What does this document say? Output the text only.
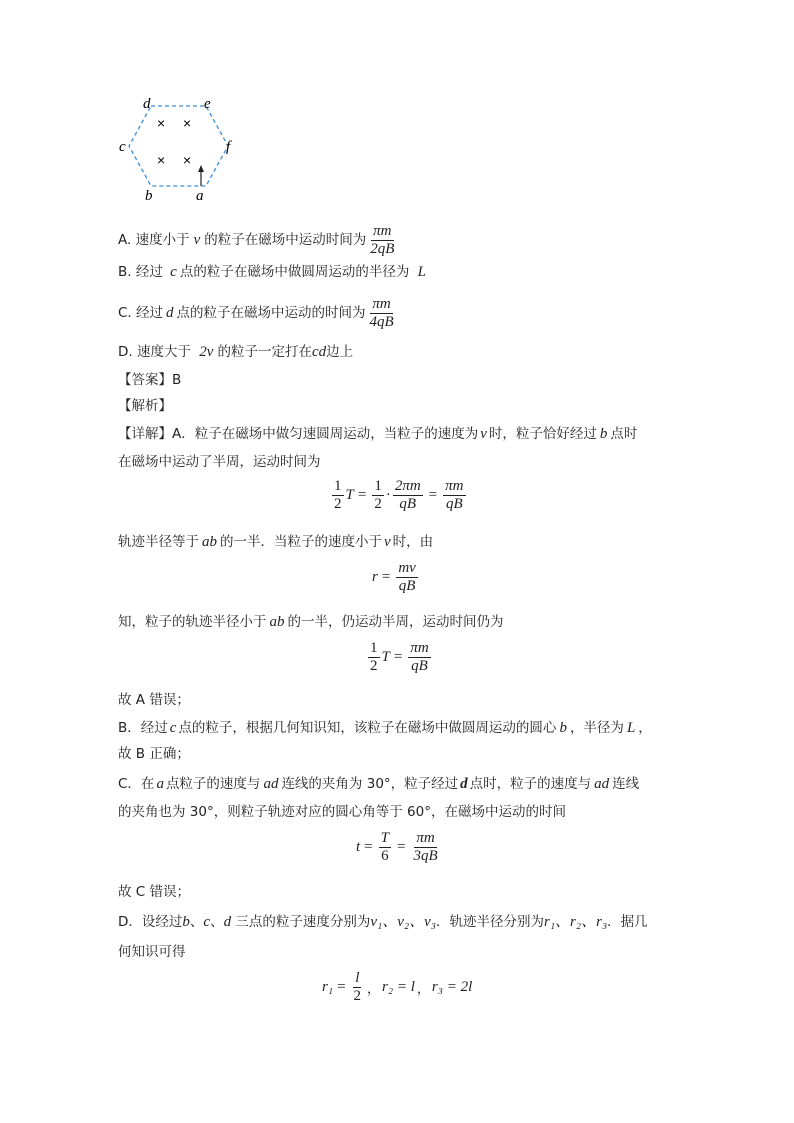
d	e
c	f
b	a
× ×
× ×
A. 速度小于 v 的粒子在磁场中运动时间为 $\frac{\pi m}{2qB}$
B. 经过 c 点的粒子在磁场中做圆周运动的半径为 L
C. 经过 d 点的粒子在磁场中运动的时间为 $\frac{\pi m}{4qB}$
D. 速度大于 2v 的粒子一定打在cd边上
【答案】B
【解析】
【详解】A．粒子在磁场中做匀速圆周运动，当粒子的速度为 v 时，粒子恰好经过 b 点时
在磁场中运动了半周，运动时间为
$\frac{1}{2}$ $T = \frac{1}{2} \cdot \frac{2\pi m}{qB} = \frac{\pi m}{qB}$
轨迹半径等于 ab 的一半．当粒子的速度小于 v 时，由
$r = \frac{mv}{qB}$
知，粒子的轨迹半径小于 ab 的一半，仍运动半周，运动时间仍为
$\frac{1}{2}$ $T = \frac{\pi m}{qB}$
故 A 错误；
B．经过 c 点的粒子，根据几何知识知，该粒子在磁场中做圆周运动的圆心 b ，半径为 L ，
故 B 正确；
C．在 a 点粒子的速度与 ad 连线的夹角为 30°，粒子经过 d 点时，粒子的速度与 ad 连线
的夹角也为 30°，则粒子轨迹对应的圆心角等于 60°，在磁场中运动的时间
$t = \frac{T}{6} = \frac{\pi m}{3qB}$
故 C 错误；
D．设经过b、c、d 三点的粒子速度分别为v₁、v₂、v₃．轨迹半径分别为r₁、r₂、r₃．据几
何知识可得
$r_1 = \frac{l}{2}$ ， r₂ = l ， r₃ = 2l
